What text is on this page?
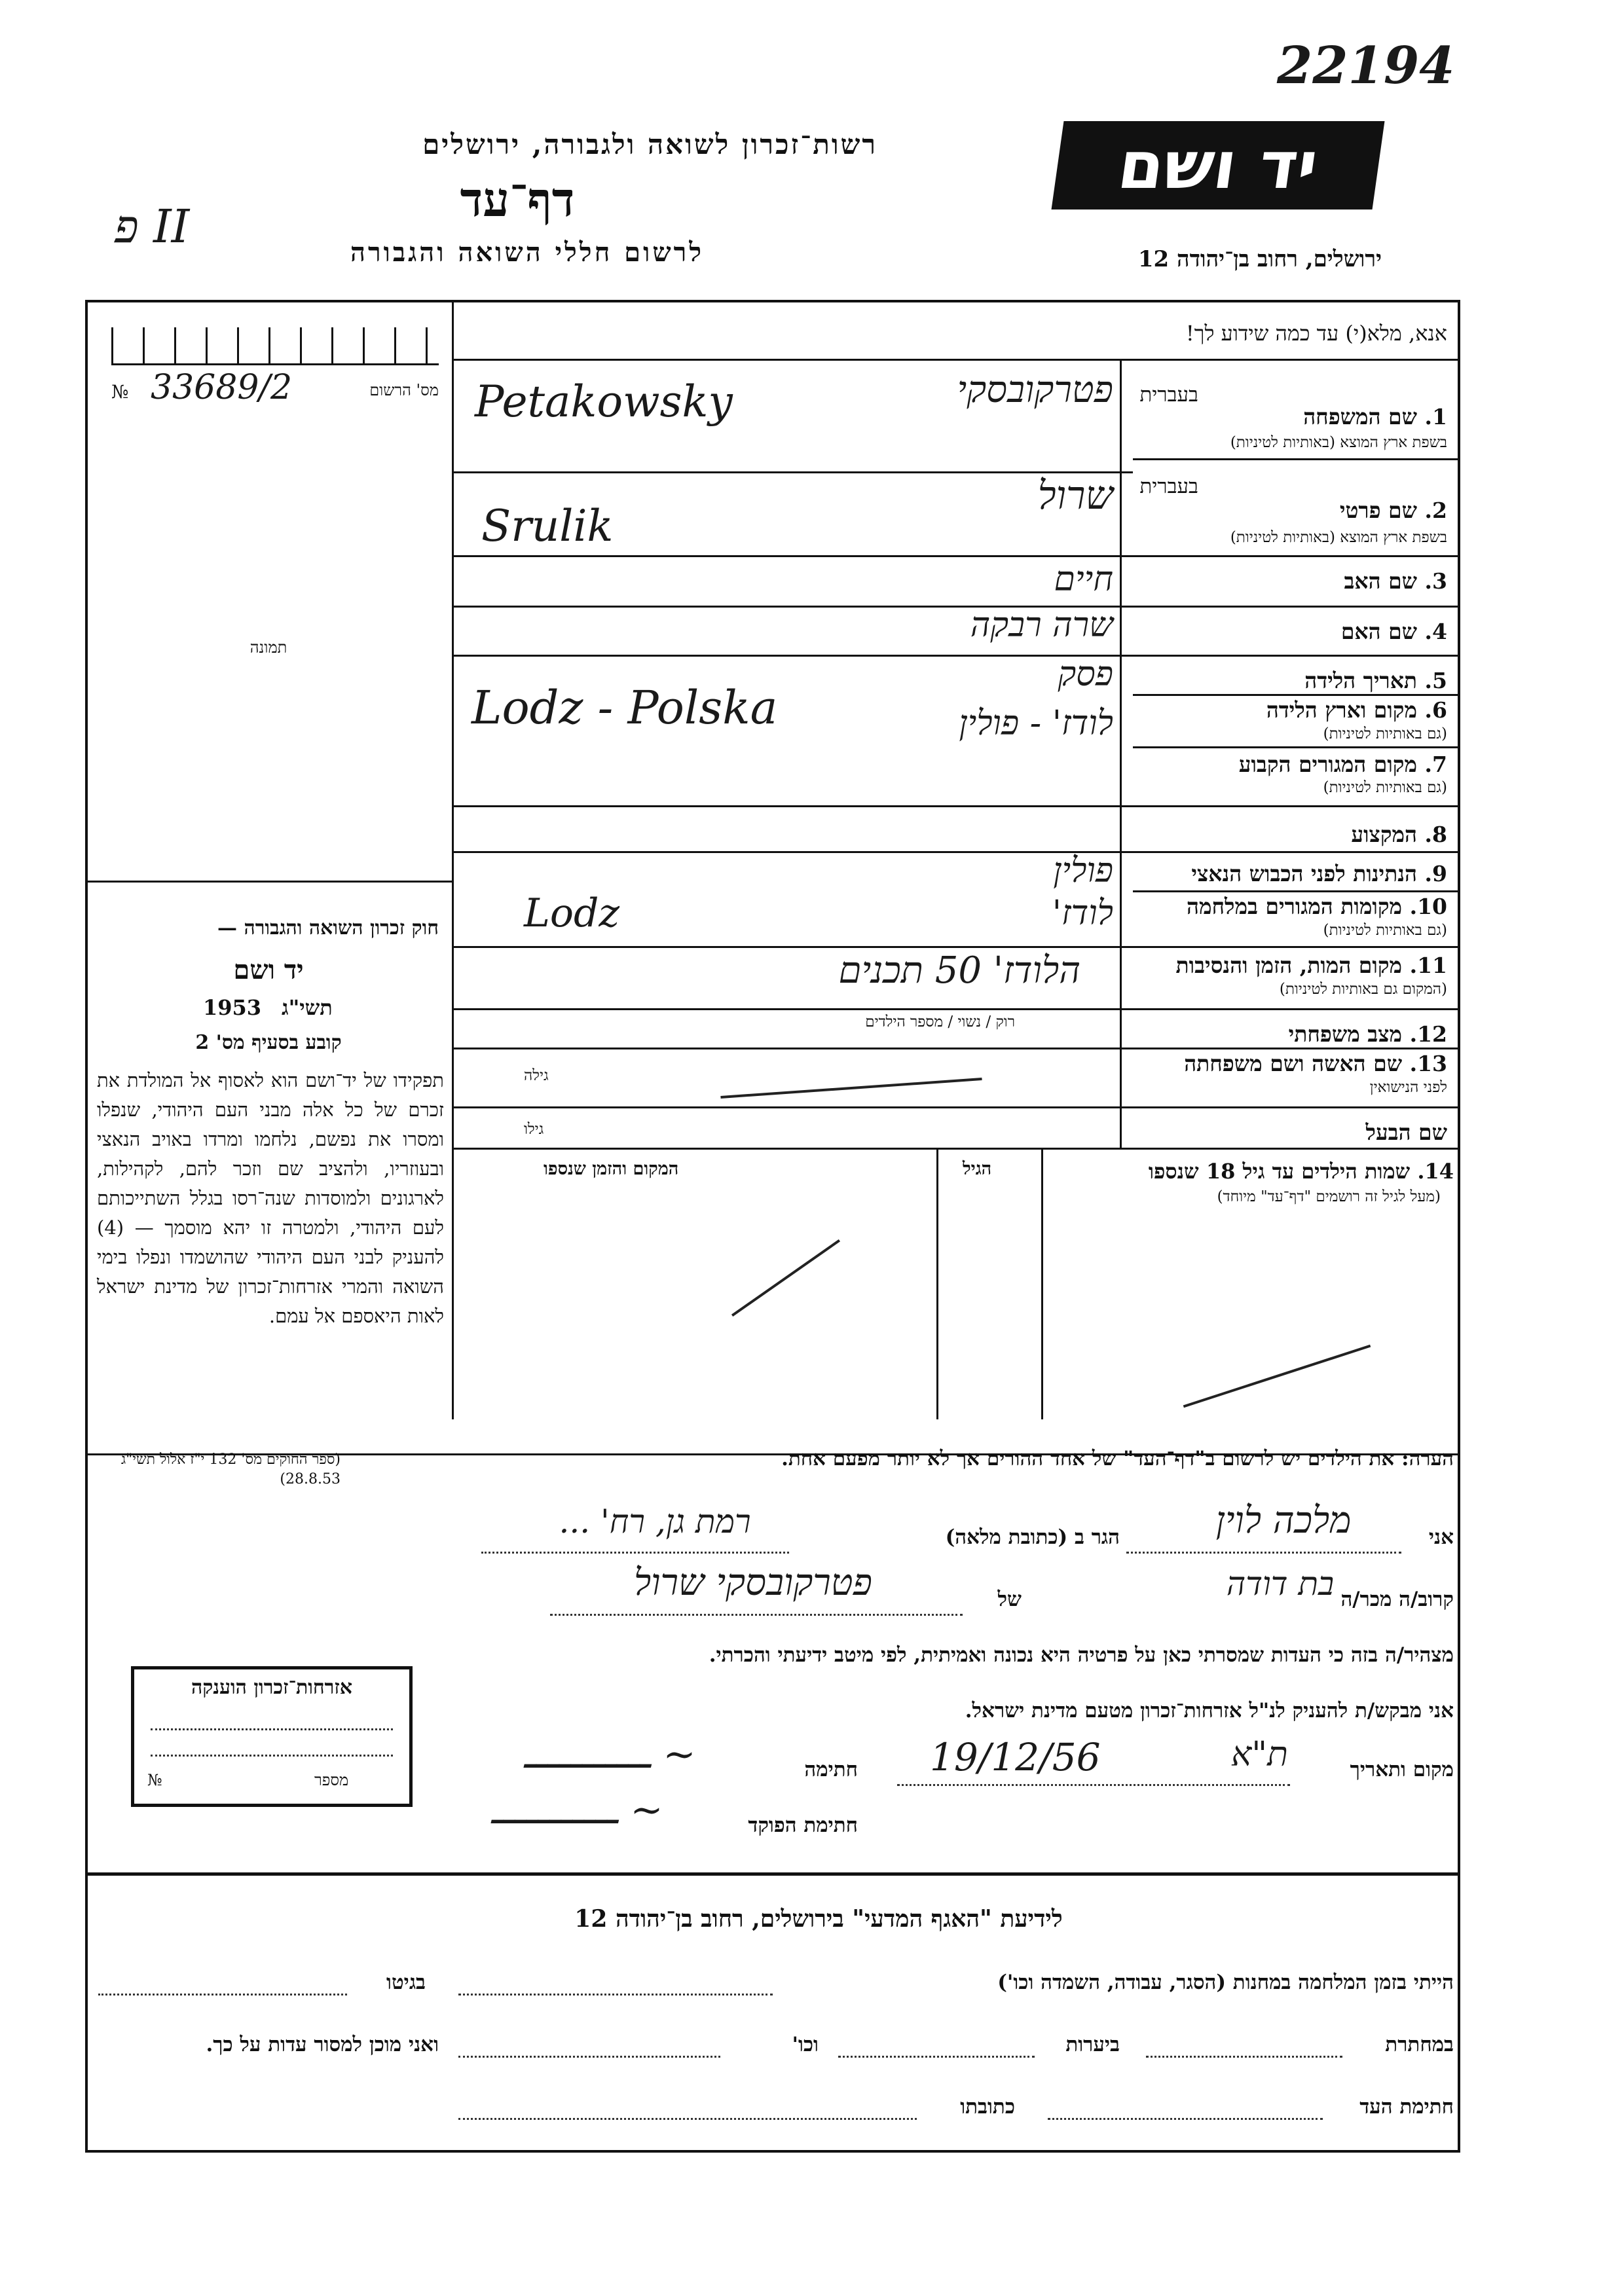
22194
יד ושם
רשות־זכרון לשואה ולגבורה, ירושלים
דף־עד
לרשום חללי השואה והגבורה	ירושלים, רחוב בן־יהודה 12
פ II
אנא, מלא(י) עד כמה שידוע לך!
№ 33689/2	מס' הרשום
תמונה
בעברית
1. שם המשפחה
בשפת ארץ המוצא (באותיות לטיניות)
Petakowsky	פטרקובסקי
בעברית
2. שם פרטי
בשפת ארץ המוצא (באותיות לטיניות)
Srulik
שרול
3. שם האב
חיים
4. שם האם
שרה רבקה
5. תאריך הלידה
פסק
6. מקום וארץ הלידה
(גם באותיות לטיניות)
Lodz - Polska	לודז' - פולין
7. מקום המגורים הקבוע
(גם באותיות לטיניות)
8. המקצוע
9. הנתינות לפני הכבוש הנאצי
פולין
10. מקומות המגורים במלחמה
(גם באותיות לטיניות)
Lodz	לודז'
11. מקום המות, הזמן והנסיבות
(המקום גם באותיות לטיניות)
הלודז' 50 תכנים
רוק / נשוי / מספר הילדים	12. מצב משפחתי
13. שם האשה ושם משפחתה
לפני הנישואין
גילה
שם הבעל
גילו
14. שמות הילדים עד גיל 18 שנספו
(מעל לגיל זה רושמים "דף־עד" מיוחד)
הגיל
המקום והזמן שנספו
חוק זכרון השואה והגבורה —
יד ושם
1953 תשי"ג
קובע בסעיף מס' 2
תפקידו של יד־ושם הוא לאסוף אל המולדת את זכרם של כל אלה מבני העם היהודי, שנפלו ומסרו את נפשם, נלחמו ומרדו באויב הנאצי ובעוזריו, ולהציב שם וזכר להם, לקהילות, לארגונים ולמוסדות שנה־רסו בגלל השתייכותם לעם היהודי, ולמטרה זו יהא מוסמך — (4) להעניק לבני העם היהודי שהושמדו ונפלו בימי השואה והמרי אזרחות־זכרון של מדינת ישראל לאות היאספם אל עמם.
(ספר החוקים מס' 132 י"ז אלול תשי"ג 28.8.53)
הערה: את הילדים יש לרשום ב"דף־העד" של אחד ההורים אך לא יותר מפעם אחת.
אני
מלכה לוין
הגר ב (כתובת מלאה)
רמת גן, רח' ...
קרוב/ה מכר/ה
בת דודה
של
פטרקובסקי שרול
מצהיר/ה בזה כי העדות שמסרתי כאן על פרטיה היא נכונה ואמיתית, לפי מיטב ידיעתי והכרתי.
אני מבקש/ת להעניק לנ"ל אזרחות־זכרון מטעם מדינת ישראל.
מקום ותאריך
ת"א
19/12/56
חתימה
ـــــــــــ ~
חתימת הפוקד
ـــــــــــ ~
אזרחות־זכרון הוענקה
№	מספר
לידיעת "האגף המדעי" בירושלים, רחוב בן־יהודה 12
הייתי בזמן המלחמה במחנות (הסגר, עבודה, השמדה וכו')
בגיטו
במחתרת
ביערות
וכו'
ואני מוכן למסור עדות על כך.
חתימת העד
כתובתו
